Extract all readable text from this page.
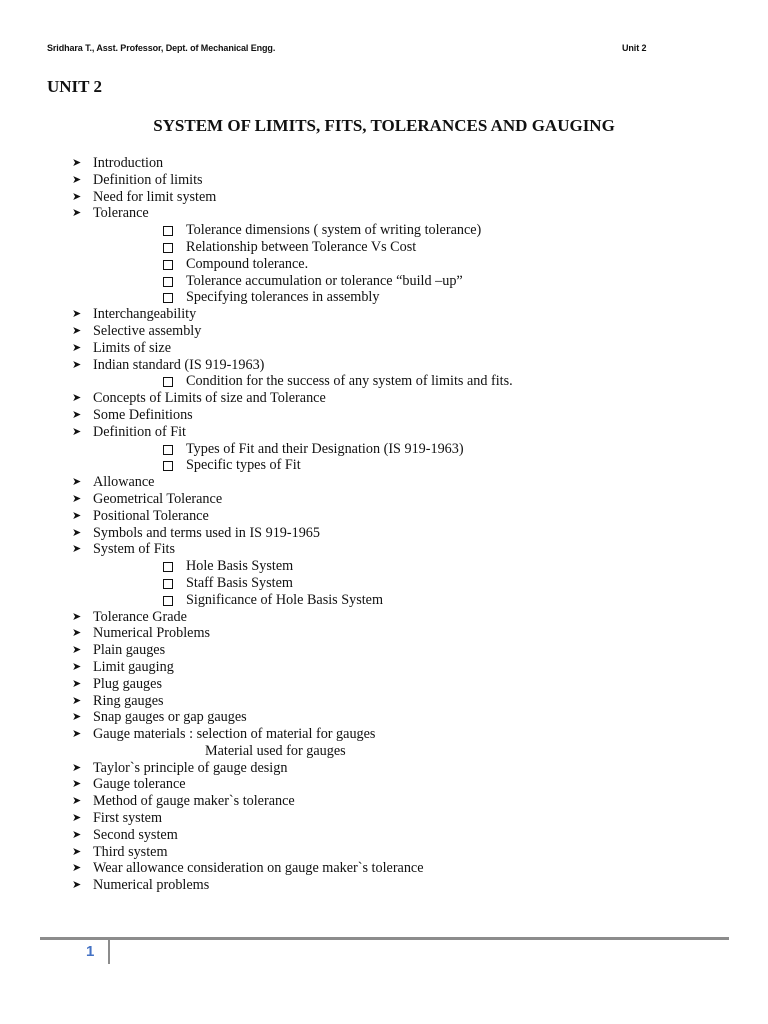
Sridhara T., Asst. Professor, Dept. of Mechanical Engg.	Unit 2
UNIT 2
SYSTEM OF LIMITS, FITS, TOLERANCES AND GAUGING
➤ Introduction
➤ Definition of limits
➤ Need for limit system
➤ Tolerance
Tolerance dimensions ( system of writing tolerance)
Relationship between Tolerance Vs Cost
Compound tolerance.
Tolerance accumulation or tolerance “build –up”
Specifying tolerances in assembly
➤ Interchangeability
➤ Selective assembly
➤ Limits of size
➤ Indian standard (IS 919-1963)
Condition for the success of any system of limits and fits.
➤ Concepts of Limits of size and Tolerance
➤ Some Definitions
➤ Definition of Fit
Types of Fit and their Designation (IS 919-1963)
Specific types of Fit
➤ Allowance
➤ Geometrical Tolerance
➤ Positional Tolerance
➤ Symbols and terms used in IS 919-1965
➤ System of Fits
Hole Basis System
Staff Basis System
Significance of Hole Basis System
➤ Tolerance Grade
➤ Numerical Problems
➤ Plain gauges
➤ Limit gauging
➤ Plug gauges
➤ Ring gauges
➤ Snap gauges or gap gauges
➤ Gauge materials : selection of material for gauges
Material used for gauges
➤ Taylor`s principle of gauge design
➤ Gauge tolerance
➤ Method of gauge maker`s tolerance
➤ First system
➤ Second system
➤ Third system
➤ Wear allowance consideration on gauge maker`s tolerance
➤ Numerical problems
1
